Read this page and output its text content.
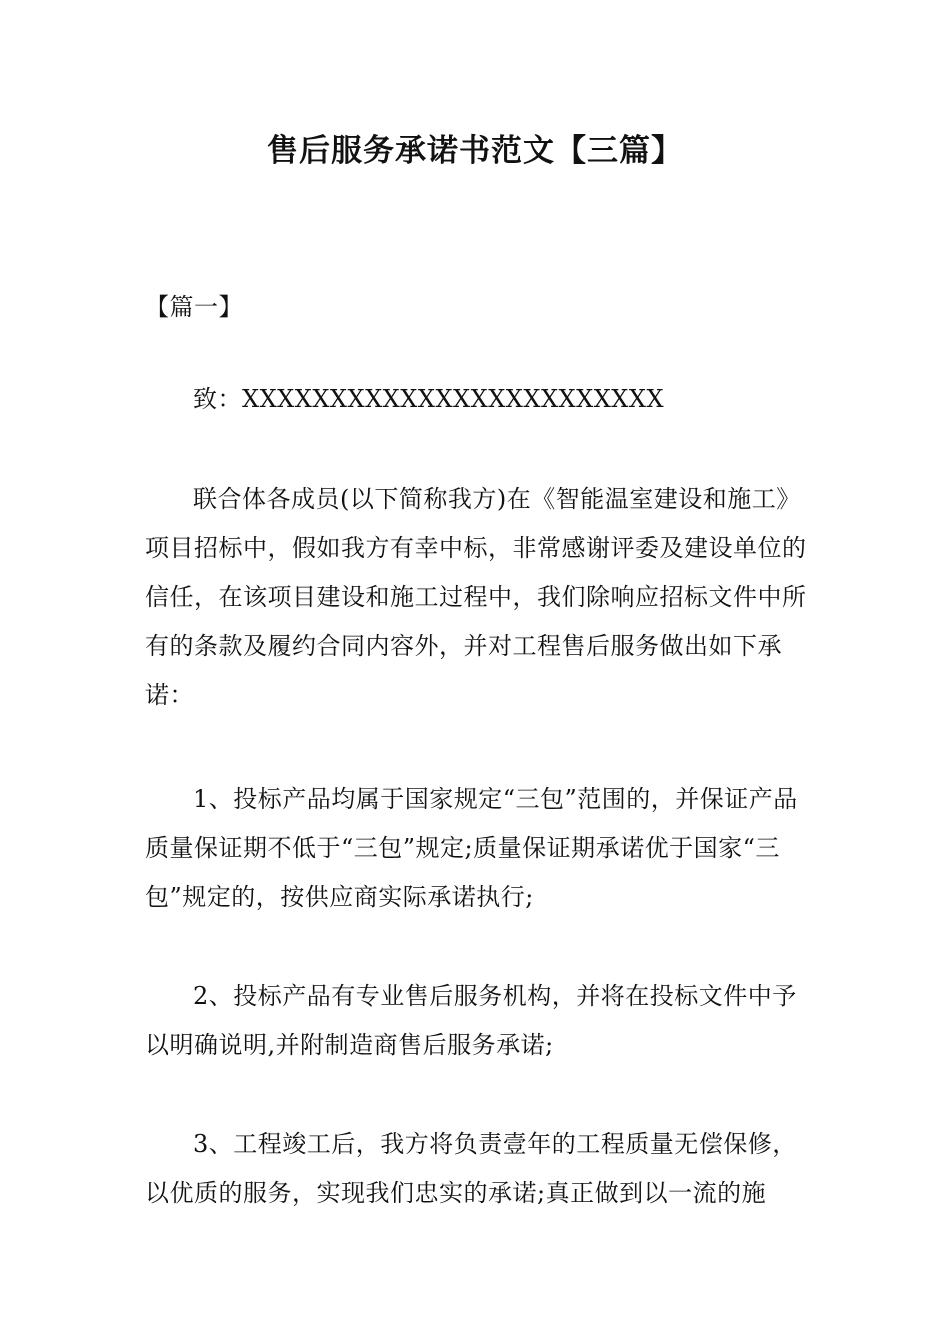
售后服务承诺书范文【三篇】
【篇一】
致：XXXXXXXXXXXXXXXXXXXXXXXX

联合体各成员(以下简称我方)在《智能温室建设和施工》项目招标中，假如我方有幸中标，非常感谢评委及建设单位的信任，在该项目建设和施工过程中，我们除响应招标文件中所有的条款及履约合同内容外，并对工程售后服务做出如下承诺：

1、投标产品均属于国家规定“三包”范围的，并保证产品质量保证期不低于“三包”规定;质量保证期承诺优于国家“三包”规定的，按供应商实际承诺执行;

2、投标产品有专业售后服务机构，并将在投标文件中予以明确说明,并附制造商售后服务承诺;

3、工程竣工后，我方将负责壹年的工程质量无偿保修，以优质的服务，实现我们忠实的承诺;真正做到以一流的施
